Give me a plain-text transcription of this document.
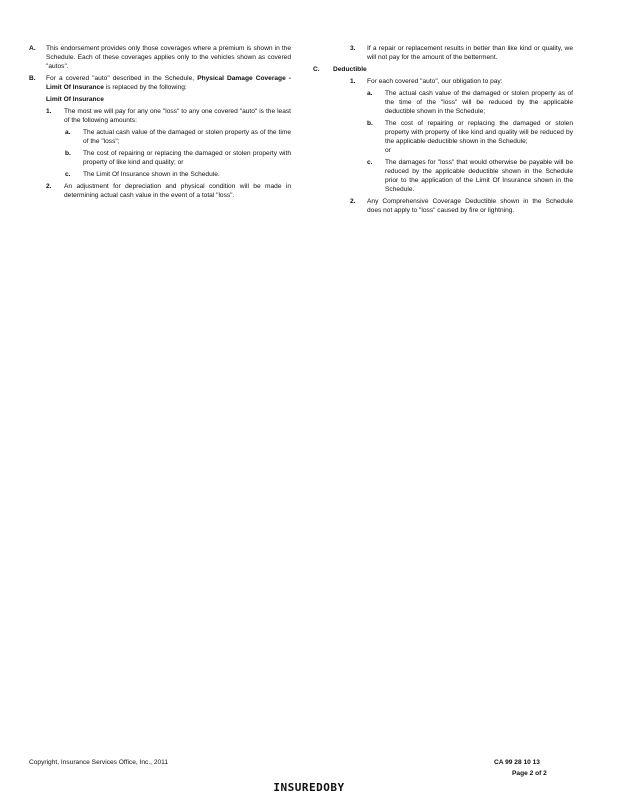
A. This endorsement provides only those coverages where a premium is shown in the Schedule. Each of these coverages applies only to the vehicles shown as covered "autos".
B. For a covered "auto" described in the Schedule, Physical Damage Coverage - Limit Of Insurance is replaced by the following:
Limit Of Insurance
1. The most we will pay for any one "loss" to any one covered "auto" is the least of the following amounts:
a. The actual cash value of the damaged or stolen property as of the time of the "loss";
b. The cost of repairing or replacing the damaged or stolen property with property of like kind and quality; or
c. The Limit Of Insurance shown in the Schedule.
2. An adjustment for depreciation and physical condition will be made in determining actual cash value in the event of a total "loss".
3. If a repair or replacement results in better than like kind or quality, we will not pay for the amount of the betterment.
C. Deductible
1. For each covered "auto", our obligation to pay:
a. The actual cash value of the damaged or stolen property as of the time of the "loss" will be reduced by the applicable deductible shown in the Schedule;
b. The cost of repairing or replacing the damaged or stolen property with property of like kind and quality will be reduced by the applicable deductible shown in the Schedule;
or
c. The damages for "loss" that would otherwise be payable will be reduced by the applicable deductible shown in the Schedule prior to the application of the Limit Of Insurance shown in the Schedule.
2. Any Comprehensive Coverage Deductible shown in the Schedule does not apply to "loss" caused by fire or lightning.
Copyright, Insurance Services Office, Inc., 2011	CA 99 28 10 13
Page 2 of 2
INSUREDOBY
